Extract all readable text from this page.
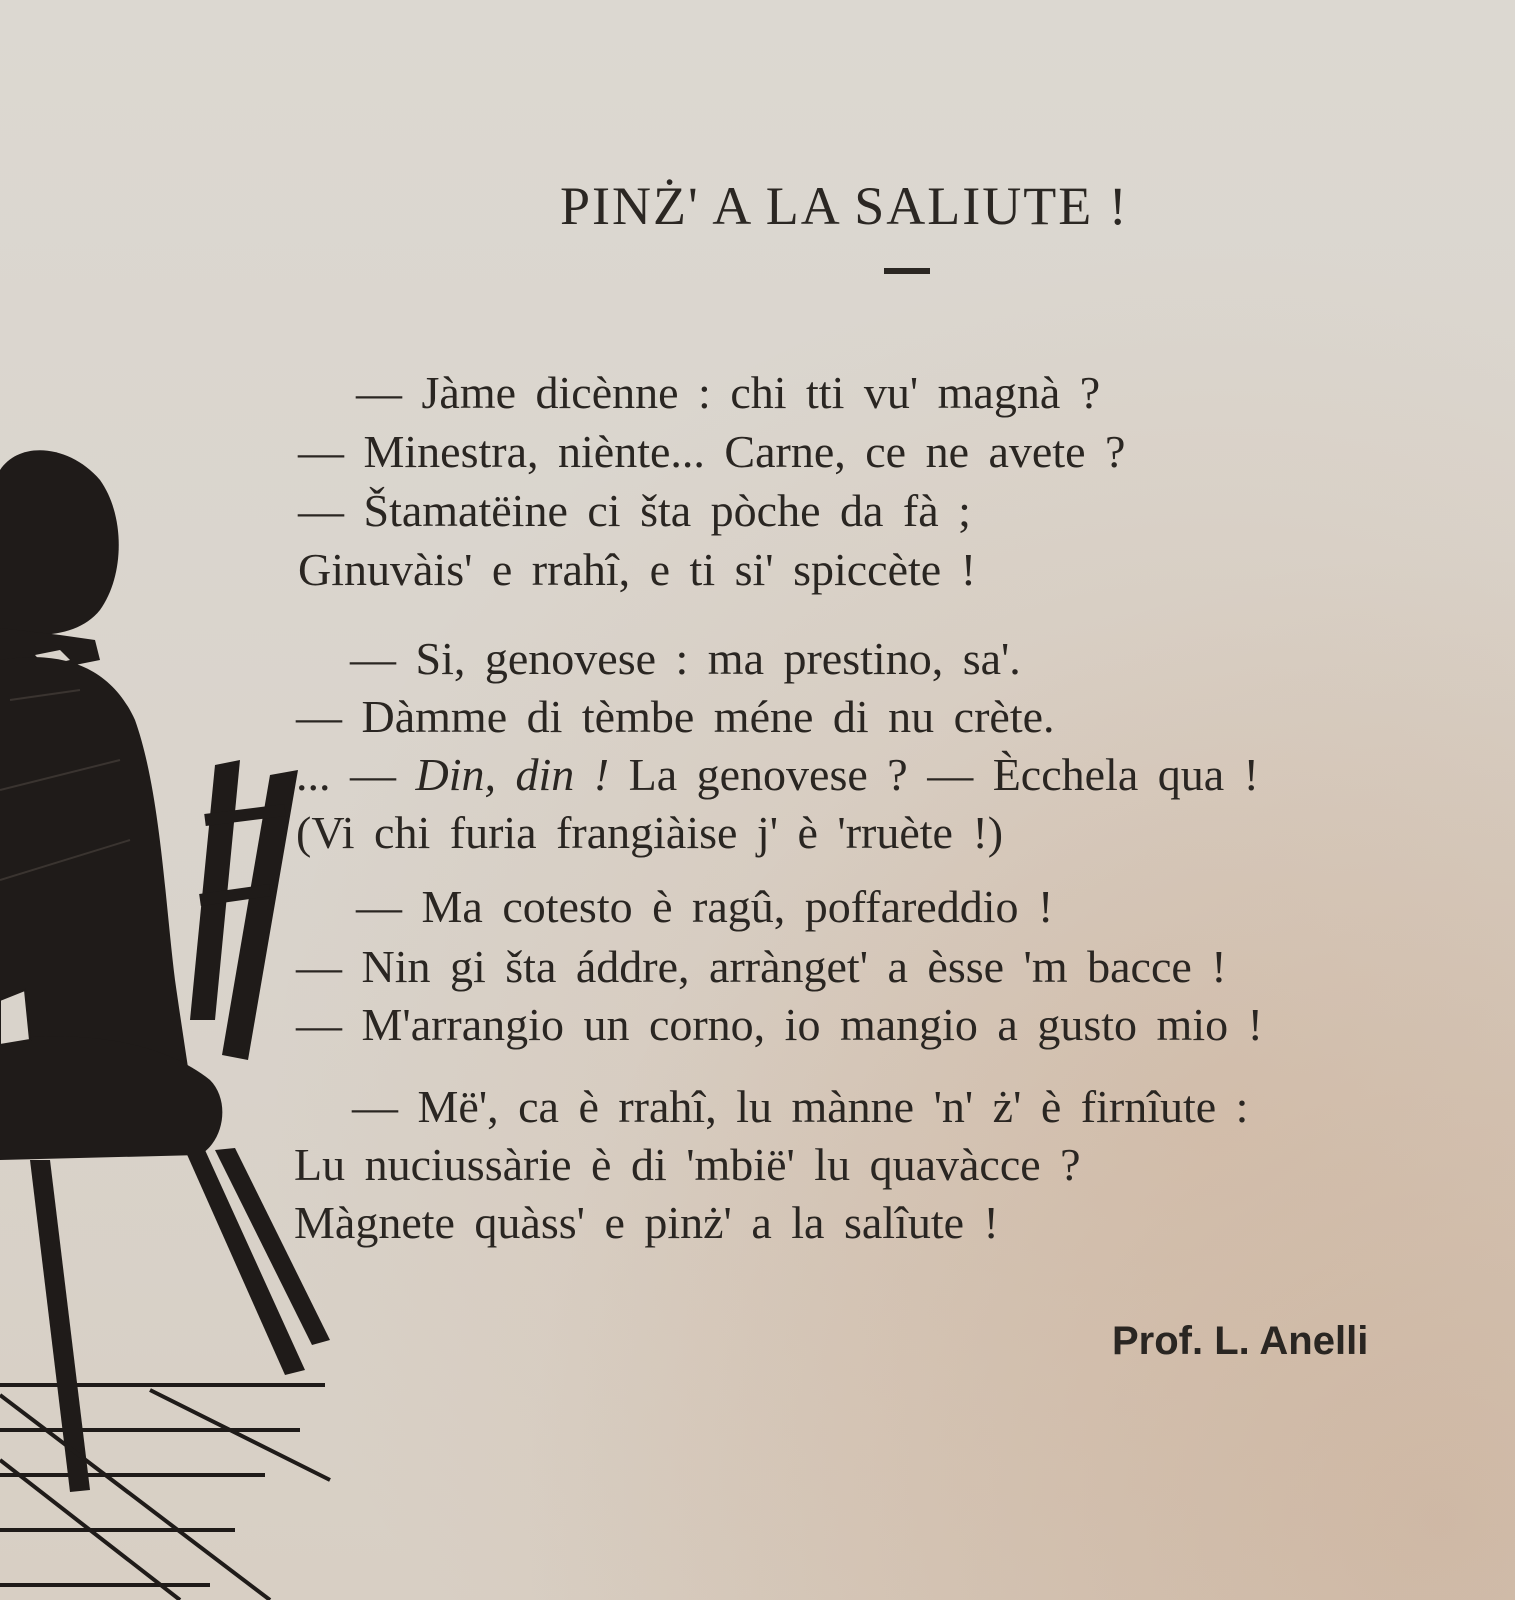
PINŻ' A LA SALIUTE !
— Jàme dicènne : chi tti vu' magnà ?
— Minestra, niènte... Carne, ce ne avete ?
— Štamatëine ci šta pòche da fà ;
Ginuvàis' e rrahî, e ti si' spiccète !
— Si, genovese : ma prestino, sa'.
— Dàmme di tèmbe méne di nu crète.
... — Din, din ! La genovese ? — Ècchela qua !
(Vi chi furia frangiàise j' è 'rruète !)
— Ma cotesto è ragû, poffareddio !
— Nin gi šta áddre, arrànget' a èsse 'm bacce !
— M'arrangio un corno, io mangio a gusto mio !
— Më', ca è rrahî, lu mànne 'n' ż' è firnîute :
Lu nuciussàrie è di 'mbië' lu quavàcce ?
Màgnete quàss' e pinż' a la salîute !
Prof. L. Anelli
